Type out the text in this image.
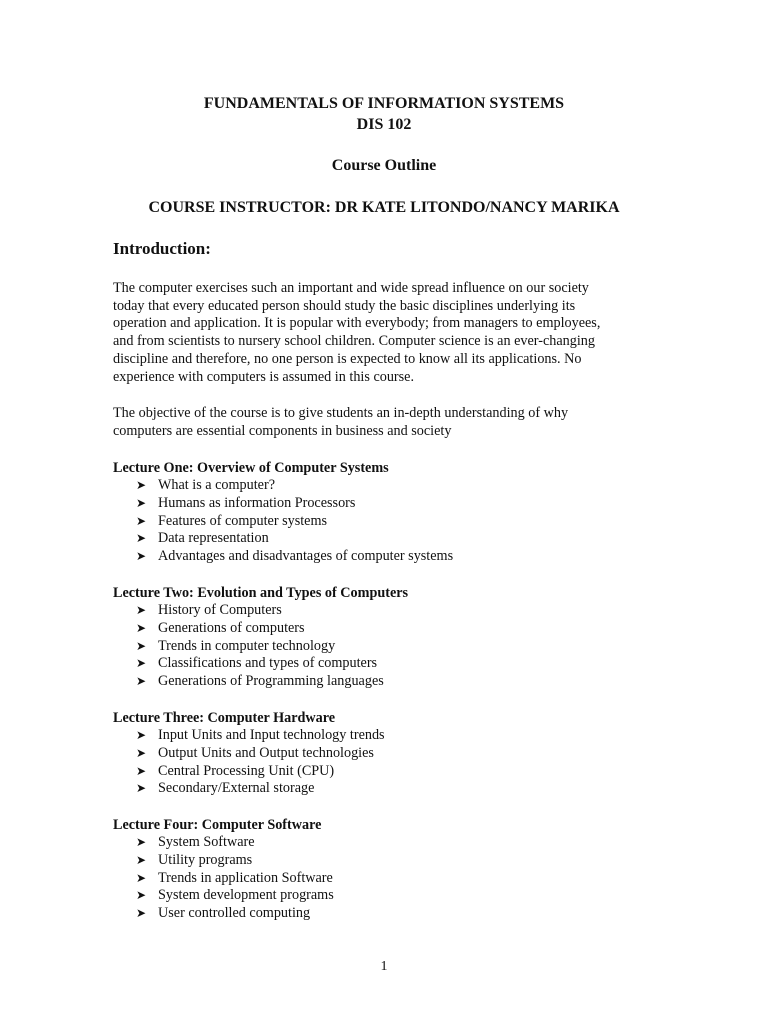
FUNDAMENTALS OF INFORMATION SYSTEMS
DIS 102
Course Outline
COURSE INSTRUCTOR: DR KATE LITONDO/NANCY MARIKA
Introduction:
The computer exercises such an important and wide spread influence on our society
today that every educated person should study the basic disciplines underlying its
operation and application. It is popular with everybody; from managers to employees,
and from scientists to nursery school children. Computer science is an ever-changing
discipline and therefore, no one person is expected to know all its applications. No
experience with computers is assumed in this course.
The objective of the course is to give students an in-depth understanding of why
computers are essential components in business and society
Lecture One: Overview of Computer Systems
➤ What is a computer?
➤ Humans as information Processors
➤ Features of computer systems
➤ Data representation
➤ Advantages and disadvantages of computer systems
Lecture Two: Evolution and Types of Computers
➤ History of Computers
➤ Generations of computers
➤ Trends in computer technology
➤ Classifications and types of computers
➤ Generations of Programming languages
Lecture Three: Computer Hardware
➤ Input Units and Input technology trends
➤ Output Units and Output technologies
➤ Central Processing Unit (CPU)
➤ Secondary/External storage
Lecture Four: Computer Software
➤ System Software
➤ Utility programs
➤ Trends in application Software
➤ System development programs
➤ User controlled computing
1
